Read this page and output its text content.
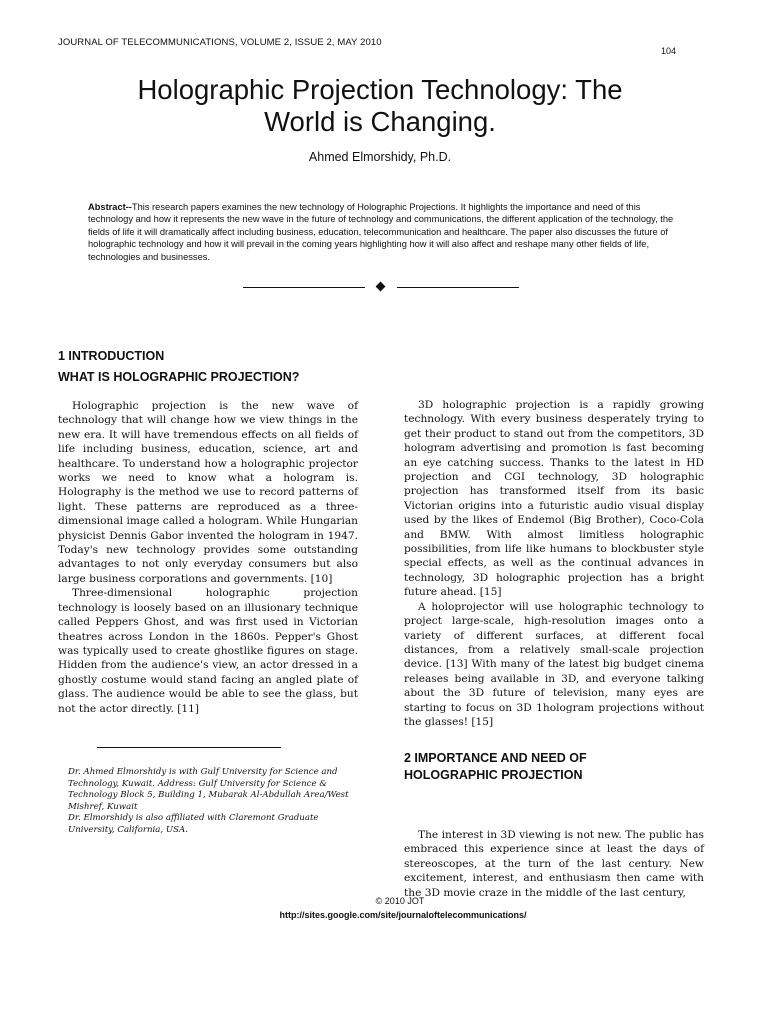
JOURNAL OF TELECOMMUNICATIONS, VOLUME 2, ISSUE 2, MAY 2010
104
Holographic Projection Technology: The
World is Changing.
Ahmed Elmorshidy, Ph.D.
Abstract--This research papers examines the new technology of Holographic Projections. It highlights the importance and need of this technology and how it represents the new wave in the future of technology and communications, the different application of the technology, the fields of life it will dramatically affect including business, education, telecommunication and healthcare. The paper also discusses the future of holographic technology and how it will prevail in the coming years highlighting how it will also affect and reshape many other fields of life, technologies and businesses.
1 INTRODUCTION
WHAT IS HOLOGRAPHIC PROJECTION?

Holographic projection is the new wave of technology that will change how we view things in the new era. It will have tremendous effects on all fields of life including business, education, science, art and healthcare. To understand how a holographic projector works we need to know what a hologram is. Holography is the method we use to record patterns of light. These patterns are reproduced as a three-dimensional image called a hologram. While Hungarian physicist Dennis Gabor invented the hologram in 1947. Today's new technology provides some outstanding advantages to not only everyday consumers but also large business corporations and governments. [10]

Three-dimensional holographic projection technology is loosely based on an illusionary technique called Peppers Ghost, and was first used in Victorian theatres across London in the 1860s. Pepper's Ghost was typically used to create ghostlike figures on stage. Hidden from the audience's view, an actor dressed in a ghostly costume would stand facing an angled plate of glass. The audience would be able to see the glass, but not the actor directly. [11]

3D holographic projection is a rapidly growing technology. With every business desperately trying to get their product to stand out from the competitors, 3D hologram advertising and promotion is fast becoming an eye catching success. Thanks to the latest in HD projection and CGI technology, 3D holographic projection has transformed itself from its basic Victorian origins into a futuristic audio visual display used by the likes of Endemol (Big Brother), Coco-Cola and BMW. With almost limitless holographic possibilities, from life like humans to blockbuster style special effects, as well as the continual advances in technology, 3D holographic projection has a bright future ahead. [15]

A holoprojector will use holographic technology to project large-scale, high-resolution images onto a variety of different surfaces, at different focal distances, from a relatively small-scale projection device. [13] With many of the latest big budget cinema releases being available in 3D, and everyone talking about the 3D future of television, many eyes are starting to focus on 3D 1hologram projections without the glasses! [15]

Dr. Ahmed Elmorshidy is with Gulf University for Science and
Technology, Kuwait. Address: Gulf University for Science &
Technology Block 5, Building 1, Mubarak Al-Abdullah Area/West
Mishref, Kuwait
Dr. Elmorshidy is also affiliated with Claremont Graduate
University, California, USA.
2 IMPORTANCE AND NEED OF
HOLOGRAPHIC PROJECTION

The interest in 3D viewing is not new. The public has embraced this experience since at least the days of stereoscopes, at the turn of the last century. New excitement, interest, and enthusiasm then came with the 3D movie craze in the middle of the last century,

© 2010 JOT
http://sites.google.com/site/journaloftelecommunications/
